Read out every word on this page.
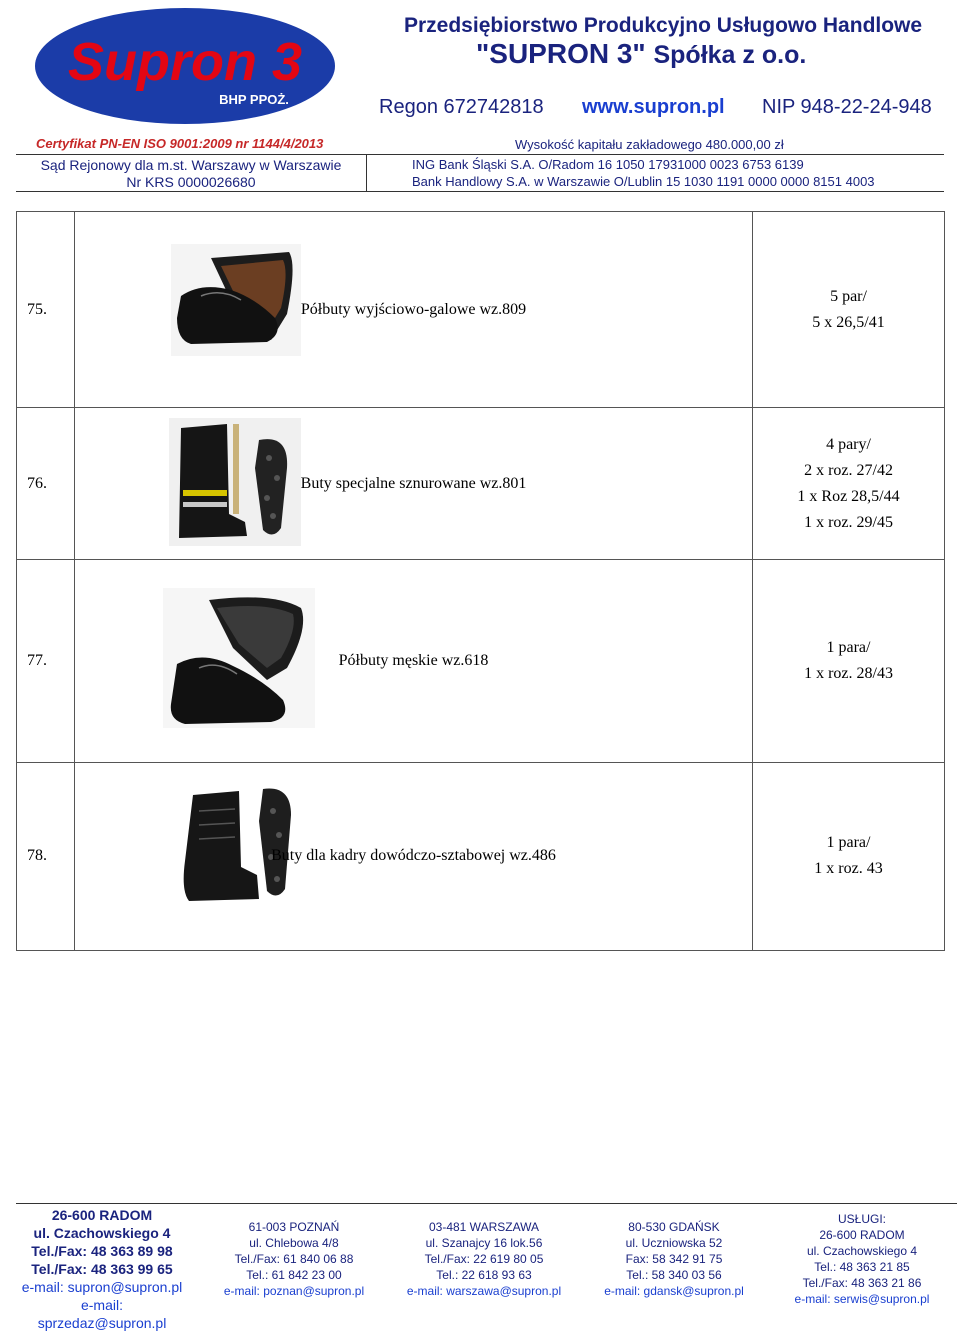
Supron 3
BHP PPOŻ.
Przedsiębiorstwo Produkcyjno Usługowo Handlowe
"SUPRON 3" Spółka z o.o.
Regon 672742818 www.supron.pl NIP 948-22-24-948
Certyfikat PN-EN ISO 9001:2009 nr 1144/4/2013	Wysokość kapitału zakładowego 480.000,00 zł
Sąd Rejonowy dla m.st. Warszawy w Warszawie
Nr KRS 0000026680
ING Bank Śląski S.A. O/Radom 16 1050 17931000 0023 6753 6139
Bank Handlowy S.A. w Warszawie O/Lublin 15 1030 1191 0000 0000 8151 4003
75.	Półbuty wyjściowo-galowe wz.809	5 par/
5 x 26,5/41

76.	Buty specjalne sznurowane wz.801	4 pary/
2 x roz. 27/42
1 x Roz 28,5/44
1 x roz. 29/45

77.	Półbuty męskie wz.618	1 para/
1 x roz. 28/43

78.	Buty dla kadry dowódczo-sztabowej wz.486	1 para/
1 x roz. 43
26-600 RADOM
ul. Czachowskiego 4
Tel./Fax: 48 363 89 98
Tel./Fax: 48 363 99 65
e-mail: supron@supron.pl
e-mail: sprzedaz@supron.pl
61-003 POZNAŃ
ul. Chlebowa 4/8
Tel./Fax: 61 840 06 88
Tel.: 61 842 23 00
e-mail: poznan@supron.pl
03-481 WARSZAWA
ul. Szanajcy 16 lok.56
Tel./Fax: 22 619 80 05
Tel.: 22 618 93 63
e-mail: warszawa@supron.pl
80-530 GDAŃSK
ul. Uczniowska 52
Fax: 58 342 91 75
Tel.: 58 340 03 56
e-mail: gdansk@supron.pl
USŁUGI:
26-600 RADOM
ul. Czachowskiego 4
Tel.: 48 363 21 85
Tel./Fax: 48 363 21 86
e-mail: serwis@supron.pl
